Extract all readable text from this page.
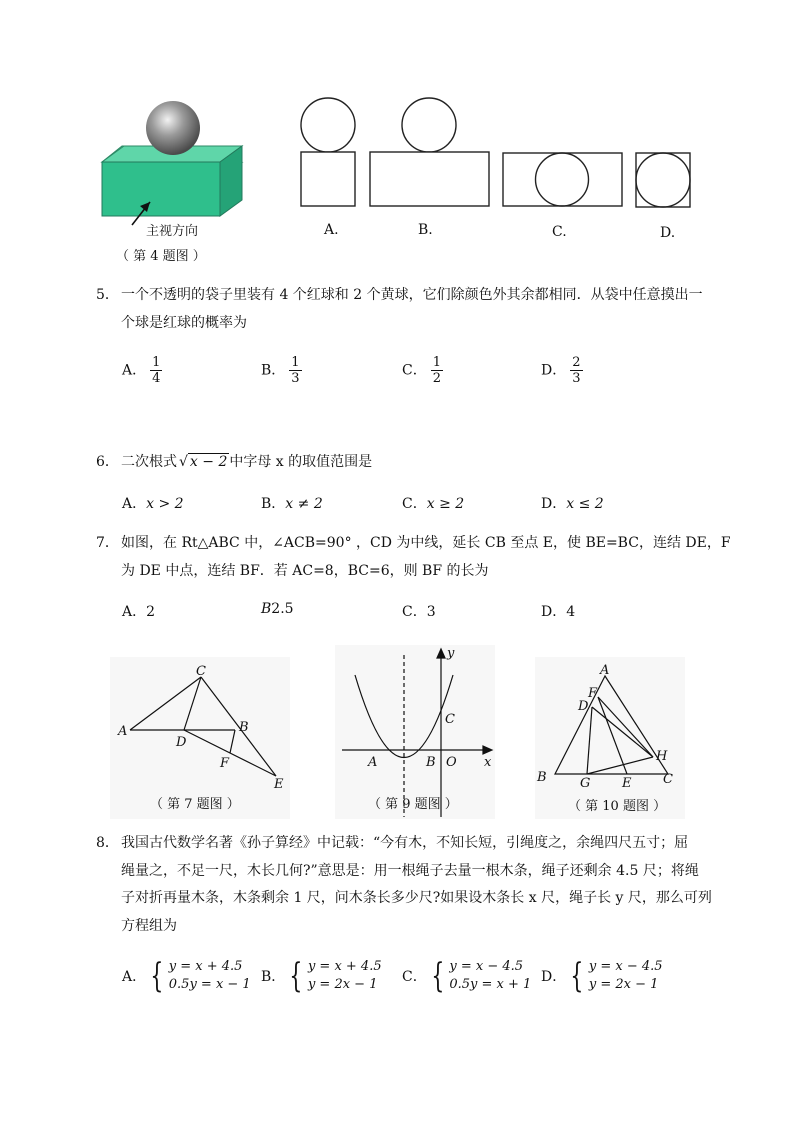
主视方向
（ 第 4 题图 ）
A.	B.	C.	D.
5． 一个不透明的袋子里装有 4 个红球和 2 个黄球，它们除颜色外其余都相同．从袋中任意摸出一
个球是红球的概率为
A． $\frac{1}{4}$	B． $\frac{1}{3}$	C． $\frac{1}{2}$	D． $\frac{2}{3}$
6． 二次根式 √ x − 2 中字母 x 的取值范围是
A．x > 2	B．x ≠ 2	C．x ≥ 2	D．x ≤ 2
7． 如图，在 Rt△ABC 中，∠ACB=90° ，CD 为中线，延长 CB 至点 E，使 BE=BC，连结 DE，F
为 DE 中点，连结 BF．若 AC=8，BC=6，则 BF 的长为
A．2	B2.5	C．3	D．4
C
A
D
B
F
E
y
C
A	B O x
A
F
D
H
B	G E C
（ 第 7 题图 ）	（ 第 9 题图 ）	（ 第 10 题图 ）
8． 我国古代数学名著《孙子算经》中记载：“今有木，不知长短，引绳度之，余绳四尺五寸；屈
绳量之，不足一尺，木长几何?”意思是：用一根绳子去量一根木条，绳子还剩余 4.5 尺；将绳
子对折再量木条，木条剩余 1 尺，问木条长多少尺?如果设木条长 x 尺，绳子长 y 尺，那么可列
方程组为
A． { y = x + 4.5
0.5y = x − 1 B． { y = x + 4.5
y = 2x − 1 C． { y = x − 4.5
0.5y = x + 1 D． { y = x − 4.5
y = 2x − 1
